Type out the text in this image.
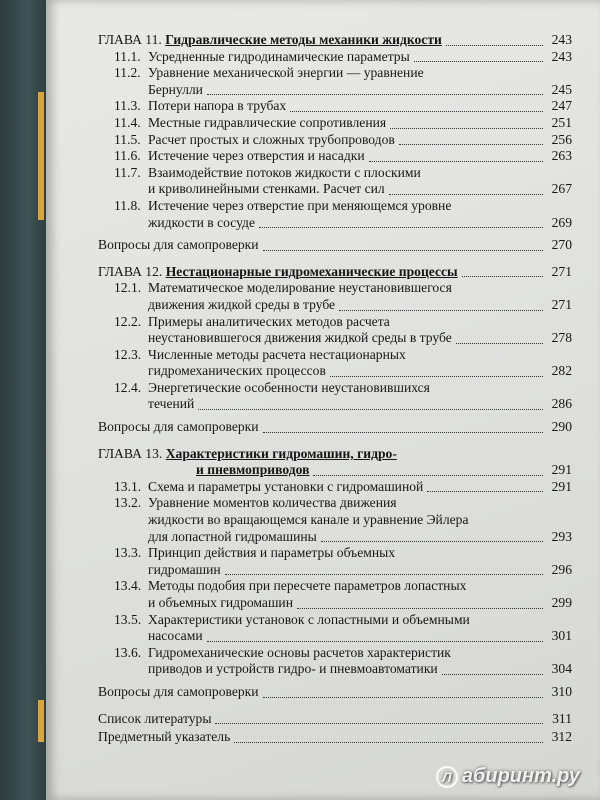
ГЛАВА 11. Гидравлические методы механики жидкости	243
11.1. Усредненные гидродинамические параметры	243
11.2. Уравнение механической энергии — уравнение
Бернулли	245
11.3. Потери напора в трубах	247
11.4. Местные гидравлические сопротивления	251
11.5. Расчет простых и сложных трубопроводов	256
11.6. Истечение через отверстия и насадки	263
11.7. Взаимодействие потоков жидкости с плоскими
и криволинейными стенками. Расчет сил	267
11.8. Истечение через отверстие при меняющемся уровне
жидкости в сосуде	269
Вопросы для самопроверки	270
ГЛАВА 12. Нестационарные гидромеханические процессы	271
12.1. Математическое моделирование неустановившегося
движения жидкой среды в трубе	271
12.2. Примеры аналитических методов расчета
неустановившегося движения жидкой среды в трубе	278
12.3. Численные методы расчета нестационарных
гидромеханических процессов	282
12.4. Энергетические особенности неустановившихся
течений	286
Вопросы для самопроверки	290
ГЛАВА 13. Характеристики гидромашин, гидро-
и пневмоприводов	291
13.1. Схема и параметры установки с гидромашиной	291
13.2. Уравнение моментов количества движения
жидкости во вращающемся канале и уравнение Эйлера
для лопастной гидромашины	293
13.3. Принцип действия и параметры объемных
гидромашин	296
13.4. Методы подобия при пересчете параметров лопастных
и объемных гидромашин	299
13.5. Характеристики установок с лопастными и объемными
насосами	301
13.6. Гидромеханические основы расчетов характеристик
приводов и устройств гидро- и пневмоавтоматики	304
Вопросы для самопроверки	310
Список литературы	311
Предметный указатель	312
Л абиринт.ру
